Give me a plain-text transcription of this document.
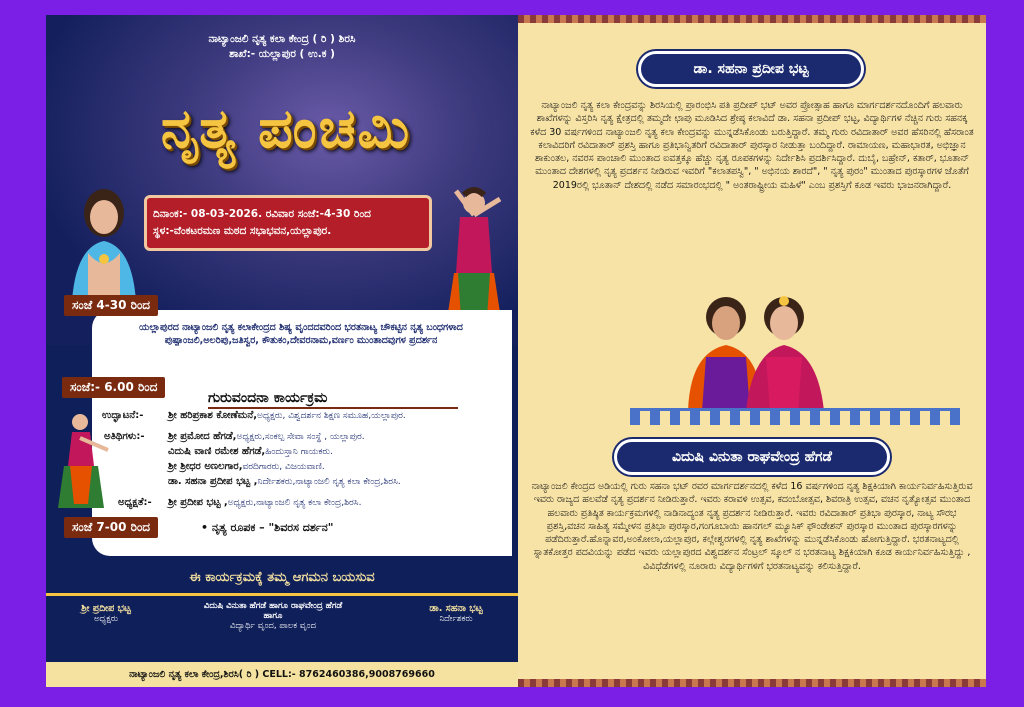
ನಾಟ್ಯಾಂಜಲಿ ನೃತ್ಯ ಕಲಾ ಕೇಂದ್ರ ( ರಿ ) ಶಿರಸಿ
ಶಾಖೆ:- ಯಲ್ಲಾಪುರ ( ಉ.ಕ )
ನೃತ್ಯ ಪಂಚಮಿ
ದಿನಾಂಕ:- 08-03-2026. ರವಿವಾರ ಸಂಜೆ:-4-30 ರಿಂದ
ಸ್ಥಳ:-ವೆಂಕಟರಮಣ ಮಠದ ಸಭಾಭವನ,ಯಲ್ಲಾಪುರ.
ಸಂಜೆ 4-30 ರಿಂದ
ಯಲ್ಲಾಪುರದ ನಾಟ್ಯಾಂಜಲಿ ನೃತ್ಯ ಕಲಾಕೇಂದ್ರದ ಶಿಷ್ಯ ವೃಂದದವರಿಂದ ಭರತನಾಟ್ಯ ಚೌಕಟ್ಟಿನ ನೃತ್ಯ ಬಂಧಗಳಾದ ಪುಷ್ಪಾಂಜಲಿ,ಅಲರಿಪು,ಜತಿಸ್ವರ, ಕೌತುಕಂ,ದೇವರನಾಮ,ವರ್ಣಂ ಮುಂತಾದವುಗಳ ಪ್ರದರ್ಶನ
ಸಂಜೆ:- 6.00 ರಿಂದ
ಗುರುವಂದನಾ ಕಾರ್ಯಕ್ರಮ
ಉದ್ಘಾಟನೆ:- ಶ್ರೀ ಹರಿಪ್ರಕಾಶ ಕೋಣೆಮನೆ,ಅಧ್ಯಕ್ಷರು, ವಿಶ್ವದರ್ಶನ ಶಿಕ್ಷಣ ಸಮೂಹ,ಯಲ್ಲಾಪುರ.
ಅತಿಥಿಗಳು:- ಶ್ರೀ ಪ್ರಮೋದ ಹೆಗಡೆ,ಅಧ್ಯಕ್ಷರು,ಸಂಕಲ್ಪ ಸೇವಾ ಸಂಸ್ಥೆ , ಯಲ್ಲಾಪುರ.
ವಿದುಷಿ ವಾಣಿ ರಮೇಶ ಹೆಗಡೆ,ಹಿಂದುಸ್ತಾನಿ ಗಾಯಕರು.
ಶ್ರೀ ಶ್ರೀಧರ ಅಣಲಗಾರ,ವರದಿಗಾರರು, ವಿಜಯವಾಣಿ.
ಡಾ. ಸಹನಾ ಪ್ರದೀಪ ಭಟ್ಟ ,ನಿರ್ದೇಶಕರು,ನಾಟ್ಯಾಂಜಲಿ ನೃತ್ಯ ಕಲಾ ಕೇಂದ್ರ,ಶಿರಸಿ.
ಅಧ್ಯಕ್ಷತೆ:- ಶ್ರೀ ಪ್ರದೀಪ ಭಟ್ಟ ,ಅಧ್ಯಕ್ಷರು,ನಾಟ್ಯಾಂಜಲಿ ನೃತ್ಯ ಕಲಾ ಕೇಂದ್ರ,ಶಿರಸಿ.
ಸಂಜೆ 7-00 ರಿಂದ	• ನೃತ್ಯ ರೂಪಕ – "ಶಿವರಸ ದರ್ಶನ"
ಈ ಕಾರ್ಯಕ್ರಮಕ್ಕೆ ತಮ್ಮ ಆಗಮನ ಬಯಸುವ
ಶ್ರೀ ಪ್ರದೀಪ ಭಟ್ಟ
ಅಧ್ಯಕ್ಷರು
ವಿದುಷಿ ವಿನುತಾ ಹೆಗಡೆ ಹಾಗೂ ರಾಘವೇಂದ್ರ ಹೆಗಡೆ
ಹಾಗೂ
ವಿದ್ಯಾರ್ಥಿ ವೃಂದ, ಪಾಲಕ ವೃಂದ
ಡಾ. ಸಹನಾ ಭಟ್ಟ
ನಿರ್ದೇಶಕರು
ನಾಟ್ಯಾಂಜಲಿ ನೃತ್ಯ ಕಲಾ ಕೇಂದ್ರ,ಶಿರಸಿ( ರಿ ) CELL:- 8762460386,9008769660
ಡಾ. ಸಹನಾ ಪ್ರದೀಪ ಭಟ್ಟ
ನಾಟ್ಯಾಂಜಲಿ ನೃತ್ಯ ಕಲಾ ಕೇಂದ್ರವನ್ನು ಶಿರಸಿಯಲ್ಲಿ ಪ್ರಾರಂಭಿಸಿ ಪತಿ ಪ್ರದೀಪ್ ಭಟ್ ಅವರ ಪ್ರೋತ್ಸಾಹ ಹಾಗೂ ಮಾರ್ಗದರ್ಶನದೊಂದಿಗೆ ಹಲವಾರು ಶಾಖೆಗಳನ್ನು ವಿಸ್ತರಿಸಿ ನೃತ್ಯ ಕ್ಷೇತ್ರದಲ್ಲಿ ತಮ್ಮದೇ ಛಾಪು ಮೂಡಿಸಿದ ಶ್ರೇಷ್ಠ ಕಲಾವಿದೆ ಡಾ. ಸಹನಾ ಪ್ರದೀಪ್ ಭಟ್ಟ, ವಿದ್ಯಾರ್ಥಿಗಳ ನೆಚ್ಚಿನ ಗುರು ಸಹನಕ್ಕ ಕಳೆದ 30 ವರ್ಷಗಳಿಂದ ನಾಟ್ಯಾಂಜಲಿ ನೃತ್ಯ ಕಲಾ ಕೇಂದ್ರವನ್ನು ಮುನ್ನಡೆಸಿಕೊಂಡು ಬರುತ್ತಿದ್ದಾರೆ. ತಮ್ಮ ಗುರು ರವಿದಾತಾರ್ ಅವರ ಹೆಸರಿನಲ್ಲಿ ಹೆಸರಾಂತ ಕಲಾವಿದರಿಗೆ ರವಿದಾತಾರ್ ಪ್ರಶಸ್ತಿ ಹಾಗೂ ಪ್ರತಿಭಾನ್ವಿತರಿಗೆ ರವಿದಾತಾರ್ ಪುರಸ್ಕಾರ ನೀಡುತ್ತಾ ಬಂದಿದ್ದಾರೆ. ರಾಮಾಯಣ, ಮಹಾಭಾರತ, ಅಭಿಜ್ಞಾನ ಶಾಕುಂತಲ, ನವರಸ ಪಾಂಚಾಲಿ ಮುಂತಾದ ಐವತ್ತಕ್ಕೂ ಹೆಚ್ಚು ನೃತ್ಯ ರೂಪಕಗಳನ್ನು ನಿರ್ದೇಶಿಸಿ ಪ್ರದರ್ಶಿಸಿದ್ದಾರೆ. ದುಬೈ, ಬಹ್ರೇನ್, ಕತಾರ್, ಭೂತಾನ್ ಮುಂತಾದ ದೇಶಗಳಲ್ಲಿ ನೃತ್ಯ ಪ್ರದರ್ಶನ ನೀಡಿರುವ ಇವರಿಗೆ "ಕಲಾತಪಸ್ವಿ", " ಅಭಿನಯ ಶಾರದೆ", " ನೃತ್ಯ ಪುರಂ" ಮುಂತಾದ ಪುರಸ್ಕಾರಗಳ ಜೊತೆಗೆ 2019ರಲ್ಲಿ ಭೂತಾನ್ ದೇಶದಲ್ಲಿ ನಡೆದ ಸಮಾರಂಭದಲ್ಲಿ " ಅಂತರಾಷ್ಟ್ರೀಯ ಮಹಿಳೆ" ಎಂಬ ಪ್ರಶಸ್ತಿಗೆ ಕೂಡ ಇವರು ಭಾಜನರಾಗಿದ್ದಾರೆ.
ವಿದುಷಿ ವಿನುತಾ ರಾಘವೇಂದ್ರ ಹೆಗಡೆ
ನಾಟ್ಯಾಂಜಲಿ ಕೇಂದ್ರದ ಅಡಿಯಲ್ಲಿ ಗುರು ಸಹನಾ ಭಟ್ ರವರ ಮಾರ್ಗದರ್ಶನದಲ್ಲಿ ಕಳೆದ 16 ವರ್ಷಗಳಿಂದ ನೃತ್ಯ ಶಿಕ್ಷಕಿಯಾಗಿ ಕಾರ್ಯನಿರ್ವಹಿಸುತ್ತಿರುವ ಇವರು ರಾಜ್ಯದ ಹಲವೆಡೆ ನೃತ್ಯ ಪ್ರದರ್ಶನ ನೀಡಿರುತ್ತಾರೆ. ಇವರು ಕರಾವಳಿ ಉತ್ಸವ, ಕದಂಬೋತ್ಸವ, ಶಿವರಾತ್ರಿ ಉತ್ಸವ, ವಚನ ನೃತ್ಯೋತ್ಸವ ಮುಂತಾದ ಹಲವಾರು ಪ್ರತಿಷ್ಠಿತ ಕಾರ್ಯಕ್ರಮಗಳಲ್ಲಿ ನಾಡಿನಾದ್ಯಂತ ನೃತ್ಯ ಪ್ರದರ್ಶನ ನೀಡಿರುತ್ತಾರೆ. ಇವರು ರವಿದಾತಾರ್ ಪ್ರತಿಭಾ ಪುರಸ್ಕಾರ, ನಾಟ್ಯ ಸೌರಭ ಪ್ರಶಸ್ತಿ,ವಚನ ಸಾಹಿತ್ಯ ಸಮ್ಮೇಳನ ಪ್ರತಿಭಾ ಪುರಸ್ಕಾರ,ಗಂಗೂಬಾಯಿ ಹಾನಗಲ್ ಮ್ಯೂಸಿಕ್ ಫೌಂಡೇಶನ್ ಪುರಸ್ಕಾರ ಮುಂತಾದ ಪುರಸ್ಕಾರಗಳನ್ನು ಪಡೆದಿರುತ್ತಾರೆ.ಹೊನ್ನಾವರ,ಅಂಕೋಲಾ,ಯಲ್ಲಾಪುರ, ಕಲ್ಲೇಶ್ವರಗಳಲ್ಲಿ ನೃತ್ಯ ಶಾಖೆಗಳನ್ನು ಮುನ್ನಡೆಸಿಕೊಂಡು ಹೋಗುತ್ತಿದ್ದಾರೆ. ಭರತನಾಟ್ಯದಲ್ಲಿ ಸ್ನಾತಕೋತ್ತರ ಪದವಿಯನ್ನು ಪಡೆದ ಇವರು ಯಲ್ಲಾಪುರದ ವಿಶ್ವದರ್ಶನ ಸೆಂಟ್ರಲ್ ಸ್ಕೂಲ್ ನ ಭರತನಾಟ್ಯ ಶಿಕ್ಷಕಿಯಾಗಿ ಕೂಡ ಕಾರ್ಯನಿರ್ವಹಿಸುತ್ತಿದ್ದು , ವಿವಿಧೆಡೆಗಳಲ್ಲಿ ನೂರಾರು ವಿದ್ಯಾರ್ಥಿಗಳಿಗೆ ಭರತನಾಟ್ಯವನ್ನು ಕಲಿಸುತ್ತಿದ್ದಾರೆ.
